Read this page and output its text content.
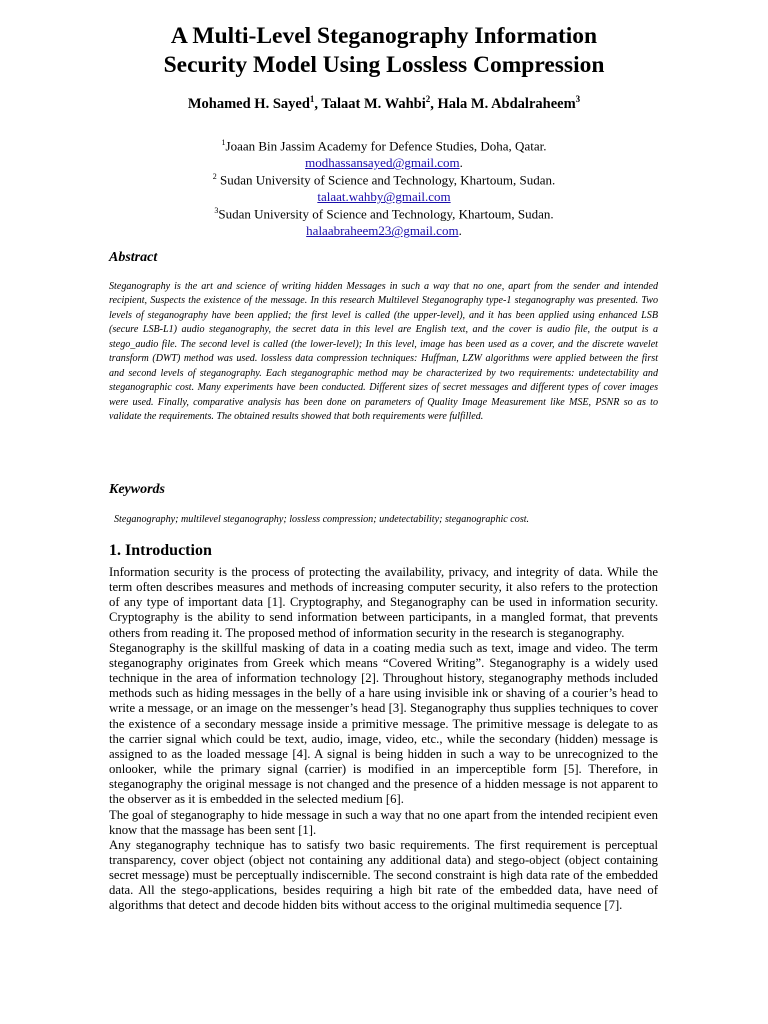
A Multi-Level Steganography Information
Security Model Using Lossless Compression
Mohamed H. Sayed$^1$, Talaat M. Wahbi$^2$, Hala M. Abdalraheem$^3$
$^1$Joaan Bin Jassim Academy for Defence Studies, Doha, Qatar.
modhassansayed@gmail.com.
$^2$ Sudan University of Science and Technology, Khartoum, Sudan.
talaat.wahby@gmail.com
$^3$Sudan University of Science and Technology, Khartoum, Sudan.
halaabraheem23@gmail.com.
Abstract
Steganography is the art and science of writing hidden Messages in such a way that no one, apart from the sender and intended recipient, Suspects the existence of the message. In this research Multilevel Steganography type-1 steganography was presented. Two levels of steganography have been applied; the first level is called (the upper-level), and it has been applied using enhanced LSB (secure LSB-L1) audio steganography, the secret data in this level are English text, and the cover is audio file, the output is a stego_audio file. The second level is called (the lower-level); In this level, image has been used as a cover, and the discrete wavelet transform (DWT) method was used. lossless data compression techniques: Huffman, LZW algorithms were applied between the first and second levels of steganography. Each steganographic method may be characterized by two requirements: undetectability and steganographic cost. Many experiments have been conducted. Different sizes of secret messages and different types of cover images were used. Finally, comparative analysis has been done on parameters of Quality Image Measurement like MSE, PSNR so as to validate the requirements. The obtained results showed that both requirements were fulfilled.
Keywords
Steganography; multilevel steganography; lossless compression; undetectability; steganographic cost.
1. Introduction

Information security is the process of protecting the availability, privacy, and integrity of data. While the term often describes measures and methods of increasing computer security, it also refers to the protection of any type of important data [1]. Cryptography, and Steganography can be used in information security. Cryptography is the ability to send information between participants, in a mangled format, that prevents others from reading it. The proposed method of information security in the research is steganography.

Steganography is the skillful masking of data in a coating media such as text, image and video. The term steganography originates from Greek which means “Covered Writing”. Steganography is a widely used technique in the area of information technology [2]. Throughout history, steganography methods included methods such as hiding messages in the belly of a hare using invisible ink or shaving of a courier’s head to write a message, or an image on the messenger’s head [3]. Steganography thus supplies techniques to cover the existence of a secondary message inside a primitive message. The primitive message is delegate to as the carrier signal which could be text, audio, image, video, etc., while the secondary (hidden) message is assigned to as the loaded message [4]. A signal is being hidden in such a way to be unrecognized to the onlooker, while the primary signal (carrier) is modified in an imperceptible form [5]. Therefore, in steganography the original message is not changed and the presence of a hidden message is not apparent to the observer as it is embedded in the selected medium [6].

The goal of steganography to hide message in such a way that no one apart from the intended recipient even know that the massage has been sent [1].

Any steganography technique has to satisfy two basic requirements. The first requirement is perceptual transparency, cover object (object not containing any additional data) and stego-object (object containing secret message) must be perceptually indiscernible. The second constraint is high data rate of the embedded data. All the stego-applications, besides requiring a high bit rate of the embedded data, have need of algorithms that detect and decode hidden bits without access to the original multimedia sequence [7].
